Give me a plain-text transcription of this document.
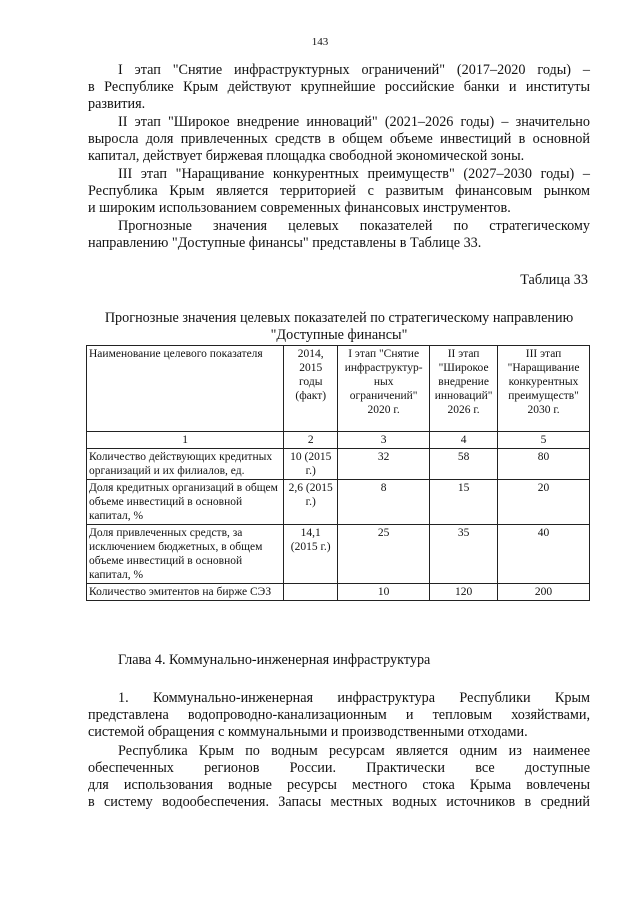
143

I этап "Снятие инфраструктурных ограничений" (2017–2020 годы) –
в Республике Крым действуют крупнейшие российские банки и институты
развития.

II этап "Широкое внедрение инноваций" (2021–2026 годы) – значительно
выросла доля привлеченных средств в общем объеме инвестиций в основной
капитал, действует биржевая площадка свободной экономической зоны.

III этап "Наращивание конкурентных преимуществ" (2027–2030 годы) –
Республика Крым является территорией с развитым финансовым рынком
и широким использованием современных финансовых инструментов.

Прогнозные значения целевых показателей по стратегическому
направлению "Доступные финансы" представлены в Таблице 33.

Таблица 33
Прогнозные значения целевых показателей по стратегическому направлению
"Доступные финансы"
Наименование целевого показателя	2014, 2015 годы (факт)	I этап "Снятие инфраструктур-ных ограничений" 2020 г.	II этап "Широкое внедрение инноваций" 2026 г.	III этап "Наращивание конкурентных преимуществ" 2030 г.
1	2	3	4	5
Количество действующих кредитных организаций и их филиалов, ед.	10 (2015 г.)	32	58	80
Доля кредитных организаций в общем объеме инвестиций в основной капитал, %	2,6 (2015 г.)	8	15	20
Доля привлеченных средств, за исключением бюджетных, в общем объеме инвестиций в основной капитал, %	14,1 (2015 г.)	25	35	40
Количество эмитентов на бирже СЭЗ		10	120	200
Глава 4. Коммунально-инженерная инфраструктура

1. Коммунально-инженерная инфраструктура Республики Крым
представлена водопроводно-канализационным и тепловым хозяйствами,
системой обращения с коммунальными и производственными отходами.

Республика Крым по водным ресурсам является одним из наименее
обеспеченных регионов России. Практически все доступные
для использования водные ресурсы местного стока Крыма вовлечены
в систему водообеспечения. Запасы местных водных источников в средний
